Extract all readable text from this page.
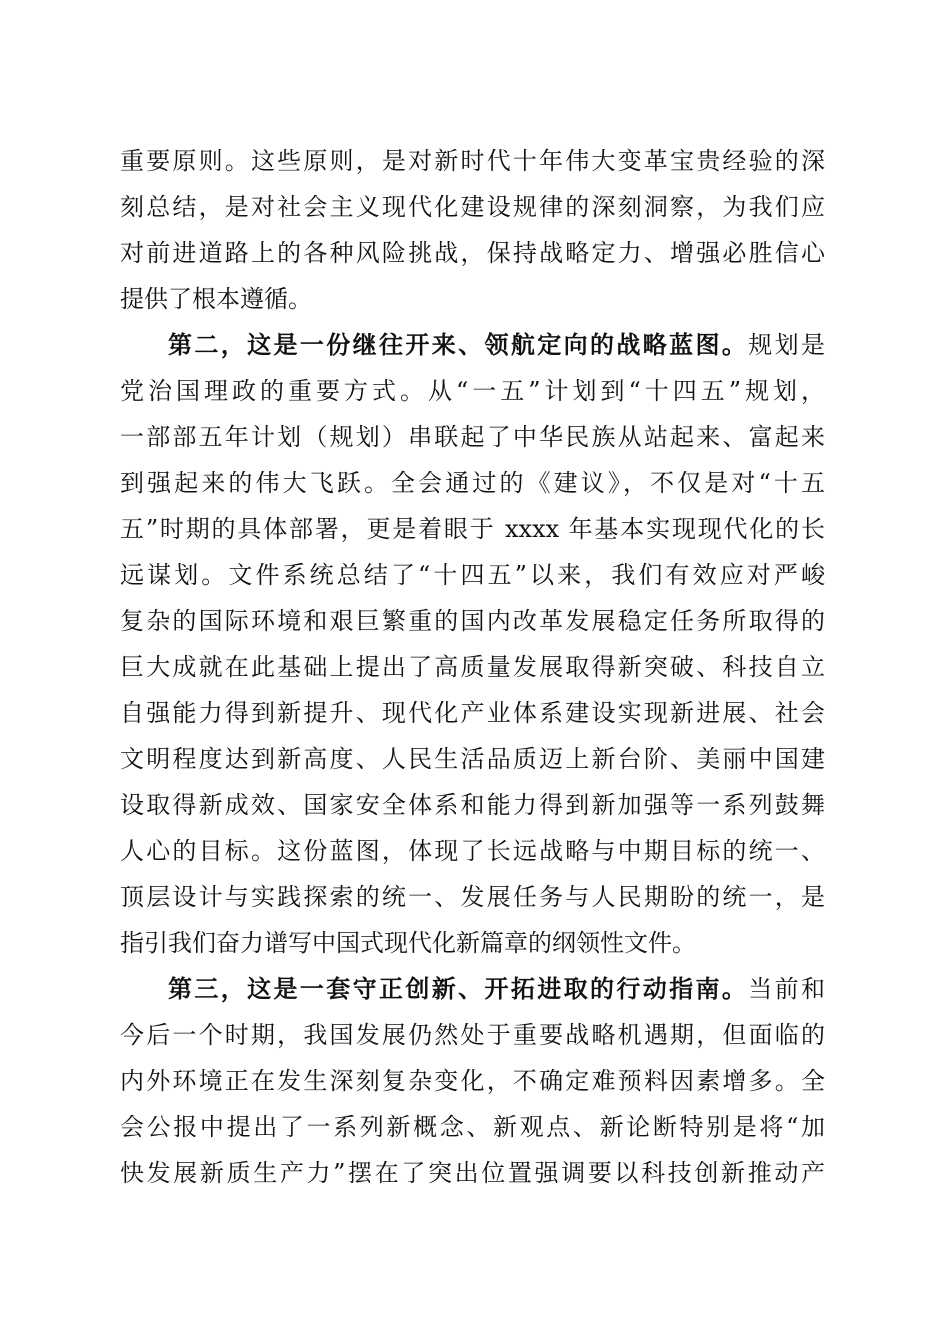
重要原则。这些原则，是对新时代十年伟大变革宝贵经验的深
刻总结，是对社会主义现代化建设规律的深刻洞察，为我们应
对前进道路上的各种风险挑战，保持战略定力、增强必胜信心
提供了根本遵循。
第二，这是一份继往开来、领航定向的战略蓝图。规划是
党治国理政的重要方式。从“一五”计划到“十四五”规划，
一部部五年计划（规划）串联起了中华民族从站起来、富起来
到强起来的伟大飞跃。全会通过的《建议》，不仅是对“十五
五”时期的具体部署，更是着眼于 xxxx 年基本实现现代化的长
远谋划。文件系统总结了“十四五”以来，我们有效应对严峻
复杂的国际环境和艰巨繁重的国内改革发展稳定任务所取得的
巨大成就在此基础上提出了高质量发展取得新突破、科技自立
自强能力得到新提升、现代化产业体系建设实现新进展、社会
文明程度达到新高度、人民生活品质迈上新台阶、美丽中国建
设取得新成效、国家安全体系和能力得到新加强等一系列鼓舞
人心的目标。这份蓝图，体现了长远战略与中期目标的统一、
顶层设计与实践探索的统一、发展任务与人民期盼的统一，是
指引我们奋力谱写中国式现代化新篇章的纲领性文件。
第三，这是一套守正创新、开拓进取的行动指南。当前和
今后一个时期，我国发展仍然处于重要战略机遇期，但面临的
内外环境正在发生深刻复杂变化，不确定难预料因素增多。全
会公报中提出了一系列新概念、新观点、新论断特别是将“加
快发展新质生产力”摆在了突出位置强调要以科技创新推动产
